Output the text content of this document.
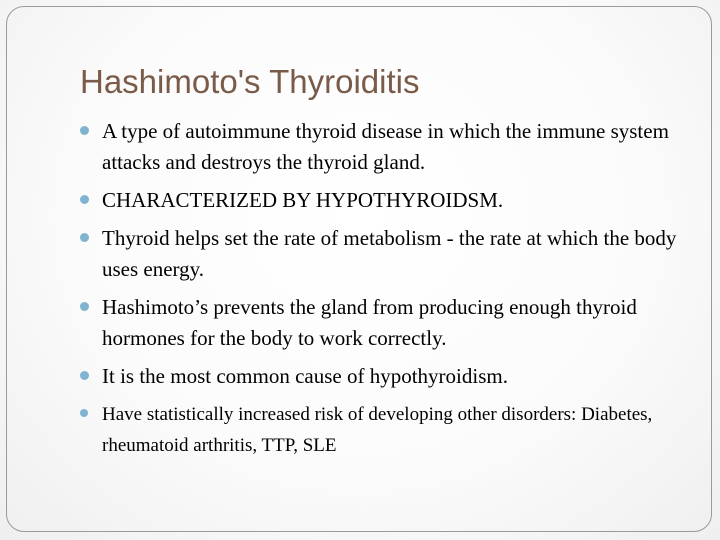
Hashimoto's Thyroiditis
A type of autoimmune thyroid disease in which the immune system attacks and destroys the thyroid gland.
CHARACTERIZED BY HYPOTHYROIDSM.
Thyroid helps set the rate of metabolism - the rate at which the body uses energy.
Hashimoto’s prevents the gland from producing enough thyroid hormones for the body to work correctly.
It is the most common cause of hypothyroidism.
Have statistically increased risk of developing other disorders: Diabetes, rheumatoid arthritis, TTP, SLE
